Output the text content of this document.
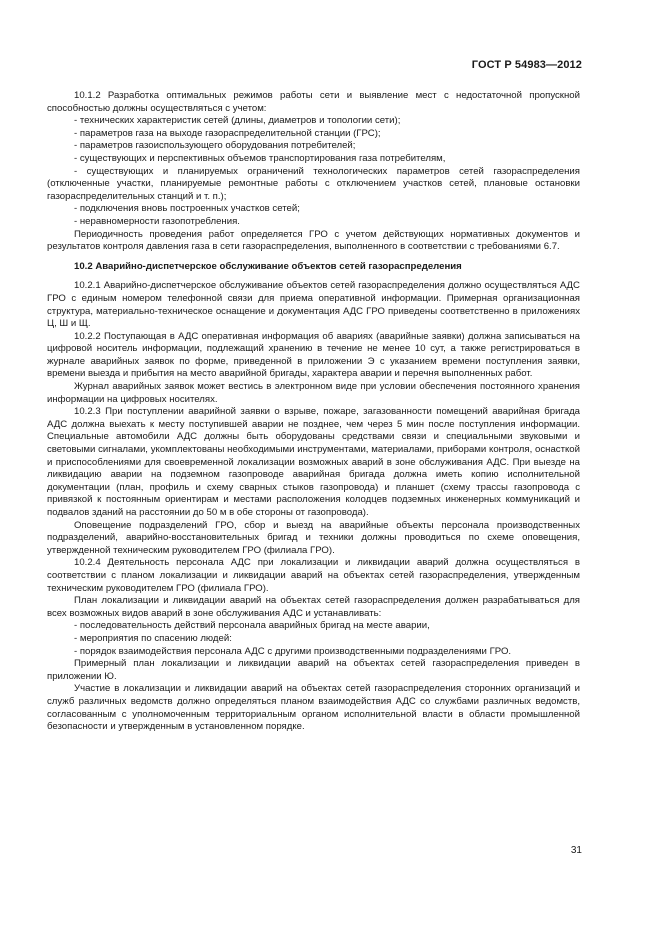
ГОСТ Р 54983—2012

10.1.2 Разработка оптимальных режимов работы сети и выявление мест с недостаточной пропускной способностью должны осуществляться с учетом:

- технических характеристик сетей (длины, диаметров и топологии сети);

- параметров газа на выходе газораспределительной станции (ГРС);

- параметров газоиспользующего оборудования потребителей;

- существующих и перспективных объемов транспортирования газа потребителям,

- существующих и планируемых ограничений технологических параметров сетей газораспределения (отключенные участки, планируемые ремонтные работы с отключением участков сетей, плановые остановки газораспределительных станций и т. п.);

- подключения вновь построенных участков сетей;

- неравномерности газопотребления.

Периодичность проведения работ определяется ГРО с учетом действующих нормативных документов и результатов контроля давления газа в сети газораспределения, выполненного в соответствии с требованиями 6.7.

10.2 Аварийно-диспетчерское обслуживание объектов сетей газораспределения

10.2.1 Аварийно-диспетчерское обслуживание объектов сетей газораспределения должно осуществляться АДС ГРО с единым номером телефонной связи для приема оперативной информации. Примерная организационная структура, материально-техническое оснащение и документация АДС ГРО приведены соответственно в приложениях Ц, Ш и Щ.

10.2.2 Поступающая в АДС оперативная информация об авариях (аварийные заявки) должна записываться на цифровой носитель информации, подлежащий хранению в течение не менее 10 сут, а также регистрироваться в журнале аварийных заявок по форме, приведенной в приложении Э с указанием времени поступления заявки, времени выезда и прибытия на место аварийной бригады, характера аварии и перечня выполненных работ.

Журнал аварийных заявок может вестись в электронном виде при условии обеспечения постоянного хранения информации на цифровых носителях.

10.2.3 При поступлении аварийной заявки о взрыве, пожаре, загазованности помещений аварийная бригада АДС должна выехать к месту поступившей аварии не позднее, чем через 5 мин после поступления информации. Специальные автомобили АДС должны быть оборудованы средствами связи и специальными звуковыми и световыми сигналами, укомплектованы необходимыми инструментами, материалами, приборами контроля, оснасткой и приспособлениями для своевременной локализации возможных аварий в зоне обслуживания АДС. При выезде на ликвидацию аварии на подземном газопроводе аварийная бригада должна иметь копию исполнительной документации (план, профиль и схему сварных стыков газопровода) и планшет (схему трассы газопровода с привязкой к постоянным ориентирам и местами расположения колодцев подземных инженерных коммуникаций и подвалов зданий на расстоянии до 50 м в обе стороны от газопровода).

Оповещение подразделений ГРО, сбор и выезд на аварийные объекты персонала производственных подразделений, аварийно-восстановительных бригад и техники должны проводиться по схеме оповещения, утвержденной техническим руководителем ГРО (филиала ГРО).

10.2.4 Деятельность персонала АДС при локализации и ликвидации аварий должна осуществляться в соответствии с планом локализации и ликвидации аварий на объектах сетей газораспределения, утвержденным техническим руководителем ГРО (филиала ГРО).

План локализации и ликвидации аварий на объектах сетей газораспределения должен разрабатываться для всех возможных видов аварий в зоне обслуживания АДС и устанавливать:

- последовательность действий персонала аварийных бригад на месте аварии,

- мероприятия по спасению людей:

- порядок взаимодействия персонала АДС с другими производственными подразделениями ГРО.

Примерный план локализации и ликвидации аварий на объектах сетей газораспределения приведен в приложении Ю.

Участие в локализации и ликвидации аварий на объектах сетей газораспределения сторонних организаций и служб различных ведомств должно определяться планом взаимодействия АДС со службами различных ведомств, согласованным с уполномоченным территориальным органом исполнительной власти в области промышленной безопасности и утвержденным в установленном порядке.

31
